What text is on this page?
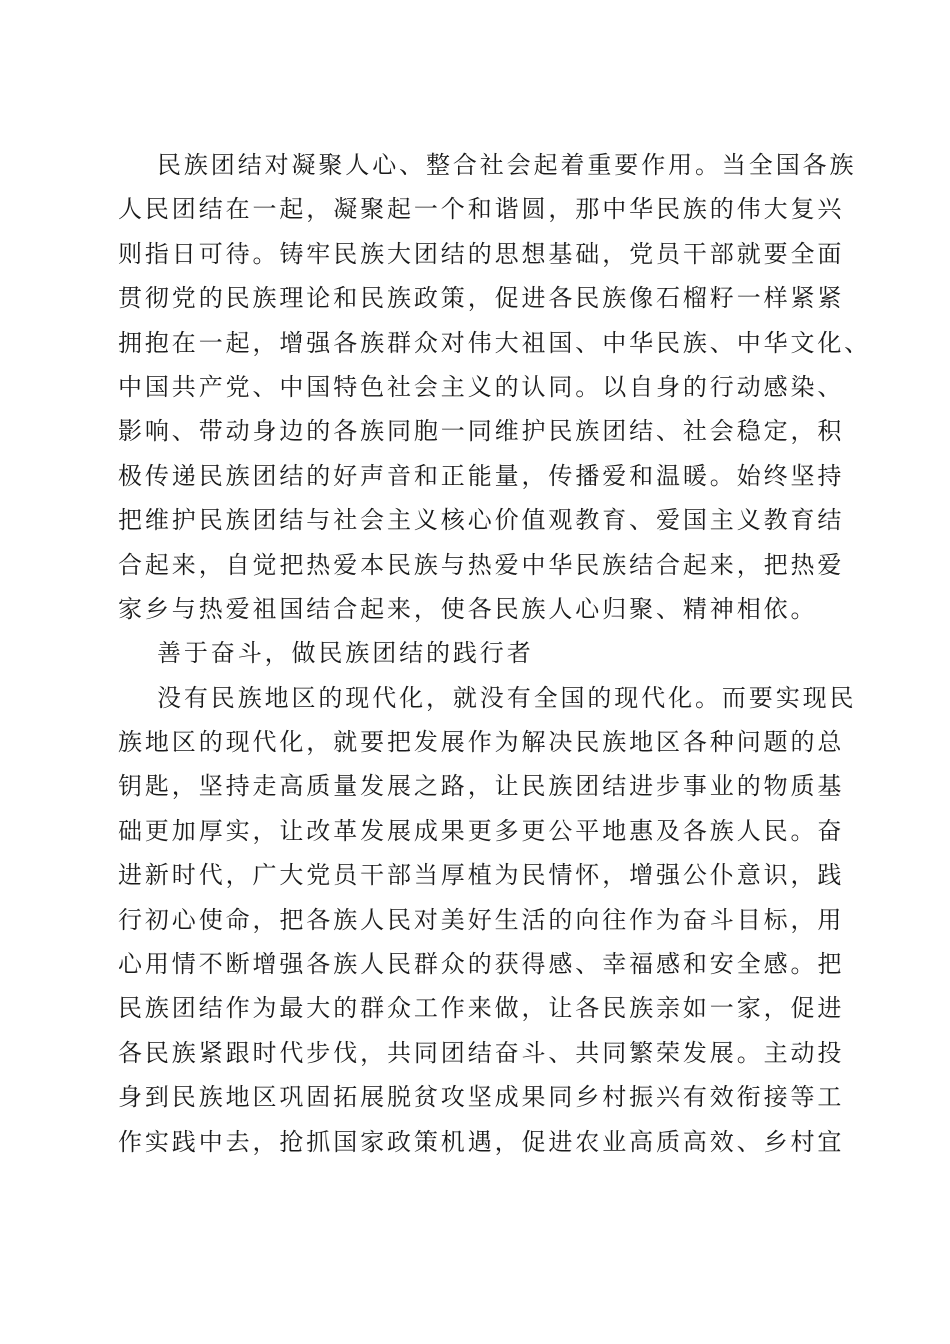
民族团结对凝聚人心、整合社会起着重要作用。当全国各族
人民团结在一起，凝聚起一个和谐圆，那中华民族的伟大复兴
则指日可待。铸牢民族大团结的思想基础，党员干部就要全面
贯彻党的民族理论和民族政策，促进各民族像石榴籽一样紧紧
拥抱在一起，增强各族群众对伟大祖国、中华民族、中华文化、
中国共产党、中国特色社会主义的认同。以自身的行动感染、
影响、带动身边的各族同胞一同维护民族团结、社会稳定，积
极传递民族团结的好声音和正能量，传播爱和温暖。始终坚持
把维护民族团结与社会主义核心价值观教育、爱国主义教育结
合起来，自觉把热爱本民族与热爱中华民族结合起来，把热爱
家乡与热爱祖国结合起来，使各民族人心归聚、精神相依。
善于奋斗，做民族团结的践行者
没有民族地区的现代化，就没有全国的现代化。而要实现民
族地区的现代化，就要把发展作为解决民族地区各种问题的总
钥匙，坚持走高质量发展之路，让民族团结进步事业的物质基
础更加厚实，让改革发展成果更多更公平地惠及各族人民。奋
进新时代，广大党员干部当厚植为民情怀，增强公仆意识，践
行初心使命，把各族人民对美好生活的向往作为奋斗目标，用
心用情不断增强各族人民群众的获得感、幸福感和安全感。把
民族团结作为最大的群众工作来做，让各民族亲如一家，促进
各民族紧跟时代步伐，共同团结奋斗、共同繁荣发展。主动投
身到民族地区巩固拓展脱贫攻坚成果同乡村振兴有效衔接等工
作实践中去，抢抓国家政策机遇，促进农业高质高效、乡村宜
